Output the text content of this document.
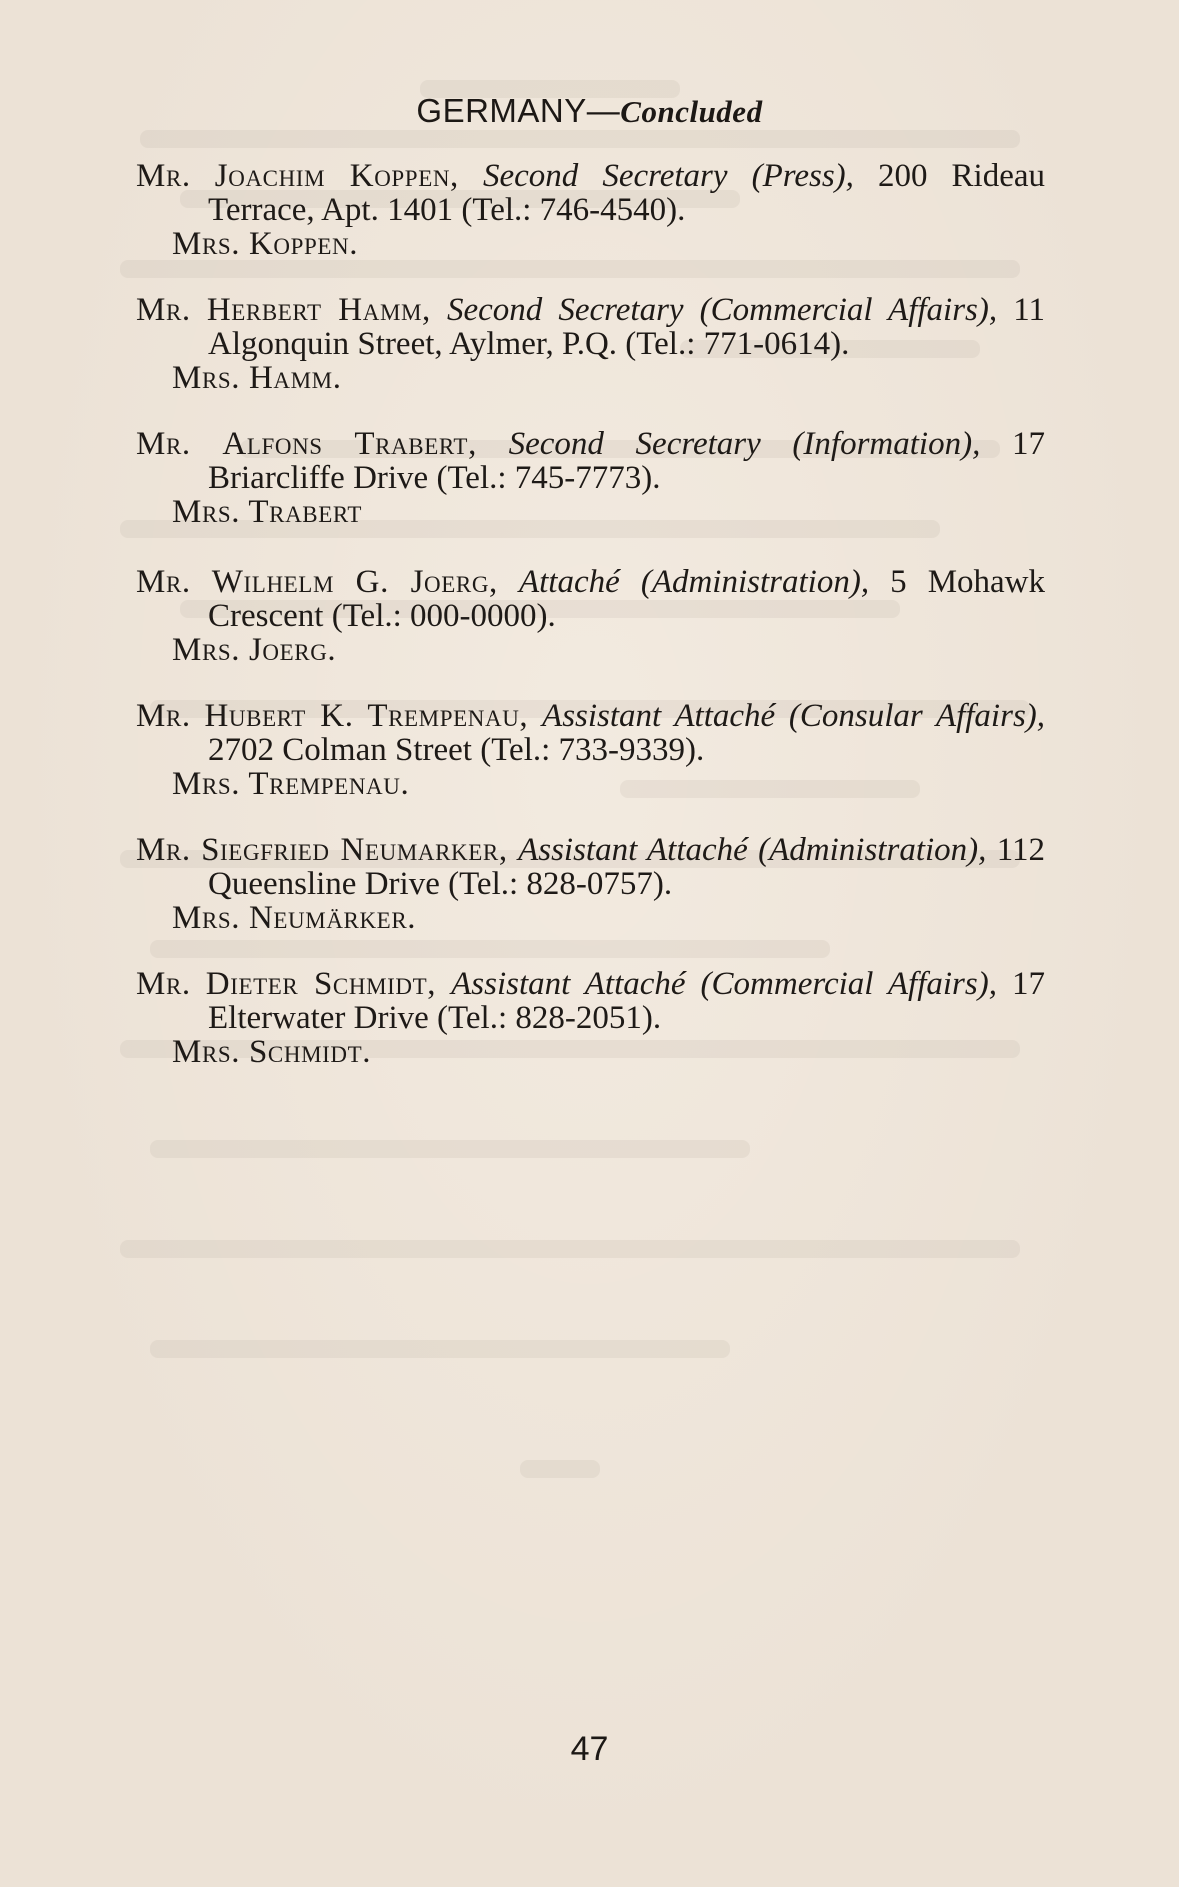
GERMANY—Concluded
Mr. Joachim Koppen, Second Secretary (Press), 200 Rideau Terrace, Apt. 1401 (Tel.: 746-4540).
Mrs. Koppen.
Mr. Herbert Hamm, Second Secretary (Commercial Affairs), 11 Algonquin Street, Aylmer, P.Q. (Tel.: 771-0614).
Mrs. Hamm.
Mr. Alfons Trabert, Second Secretary (Information), 17 Briarcliffe Drive (Tel.: 745-7773).
Mrs. Trabert
Mr. Wilhelm G. Joerg, Attaché (Administration), 5 Mohawk Crescent (Tel.: 000-0000).
Mrs. Joerg.
Mr. Hubert K. Trempenau, Assistant Attaché (Consular Affairs), 2702 Colman Street (Tel.: 733-9339).
Mrs. Trempenau.
Mr. Siegfried Neumarker, Assistant Attaché (Administration), 112 Queensline Drive (Tel.: 828-0757).
Mrs. Neumärker.
Mr. Dieter Schmidt, Assistant Attaché (Commercial Affairs), 17 Elterwater Drive (Tel.: 828-2051).
Mrs. Schmidt.
47
